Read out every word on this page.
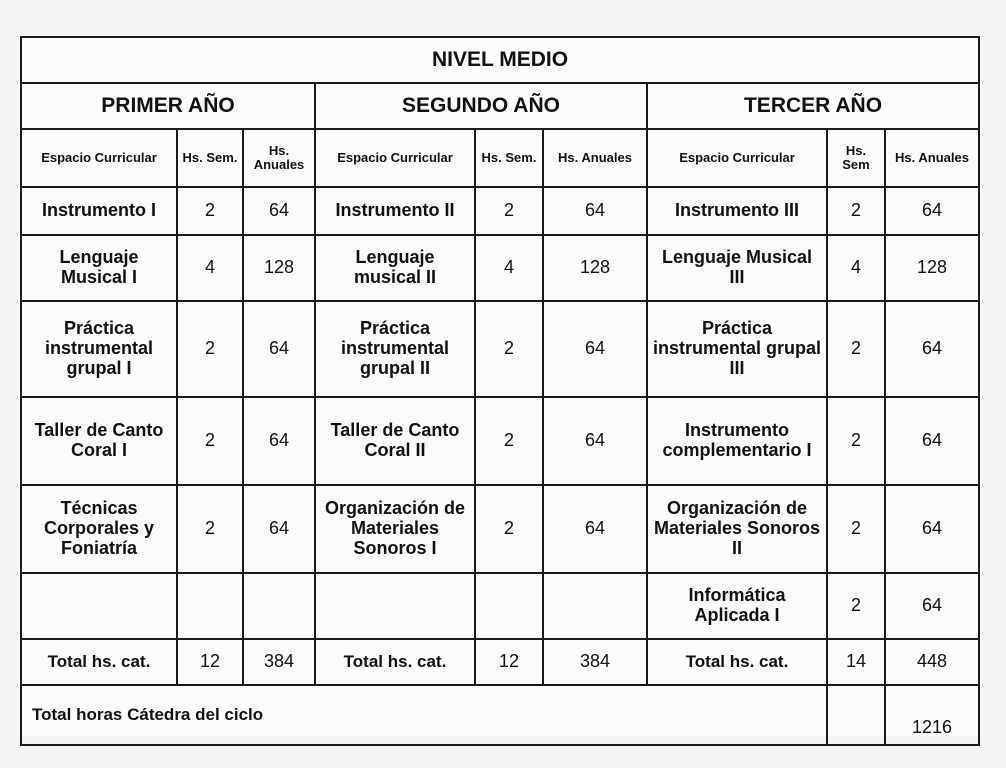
NIVEL MEDIO								
PRIMER AÑO			SEGUNDO AÑO			TERCER AÑO		
Espacio Curricular	Hs. Sem.	Hs. Anuales	Espacio Curricular	Hs. Sem.	Hs. Anuales	Espacio Curricular	Hs. Sem	Hs. Anuales
Instrumento I	2	64	Instrumento II	2	64	Instrumento III	2	64
Lenguaje Musical I	4	128	Lenguaje musical II	4	128	Lenguaje Musical III	4	128
Práctica instrumental grupal I	2	64	Práctica instrumental grupal II	2	64	Práctica instrumental grupal III	2	64
Taller de Canto Coral I	2	64	Taller de Canto Coral II	2	64	Instrumento complementario I	2	64
Técnicas Corporales y Foniatría	2	64	Organización de Materiales Sonoros I	2	64	Organización de Materiales Sonoros II	2	64
						Informática Aplicada I	2	64
Total hs. cat.	12	384	Total hs. cat.	12	384	Total hs. cat.	14	448
Total horas Cátedra del ciclo								1216
